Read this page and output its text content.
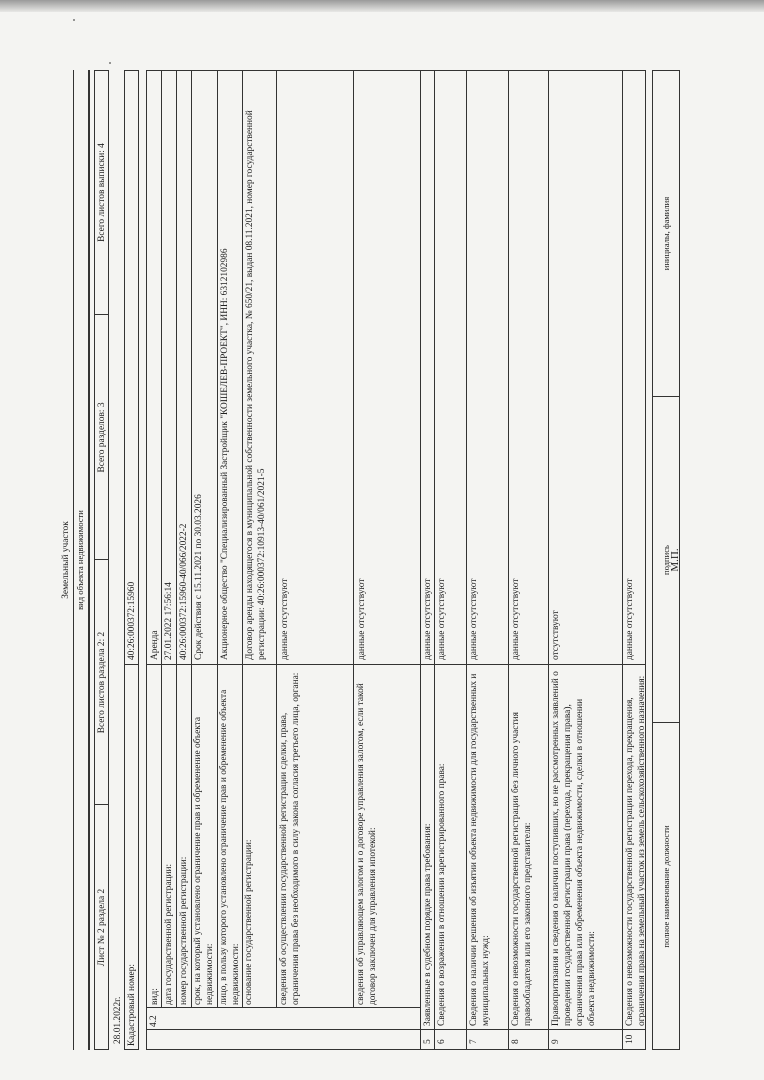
Земельный участок вид объекта недвижимости
Лист № 2 раздела 2
Всего листов раздела 2: 2
Всего разделов: 3
Всего листов выписки: 4
28.01.2022г. Кадастровый номер:
40:26:000372:15960
4.2
вид:
Аренда
дата государственной регистрации:
27.01.2022 17:56:14
номер государственной регистрации:
40:26:000372:15960-40/066/2022-2
срок, на который установлено ограничение прав и обременение объекта недвижимости:
Срок действия с 15.11.2021 по 30.03.2026
лицо, в пользу которого установлено ограничение прав и обременение объекта недвижимости:
Акционерное общество "Специализированный Застройщик "КОШЕЛЕВ-ПРОЕКТ", ИНН: 6312102986
основание государственной регистрации:
Договор аренды находящегося в муниципальной собственности земельного участка, № 650/21, выдан 08.11.2021, номер государственной регистрации: 40:26:000372:10913-40/061/2021-5
сведения об осуществлении государственной регистрации сделки, права, ограничения права без необходимого в силу закона согласия третьего лица, органа:
данные отсутствуют
сведения об управляющем залогом и о договоре управления залогом, если такой договор заключен для управления ипотекой:
данные отсутствуют
5
Заявленные в судебном порядке права требования:
данные отсутствуют
6
Сведения о возражении в отношении зарегистрированного права:
данные отсутствуют
7
Сведения о наличии решения об изъятии объекта недвижимости для государственных и муниципальных нужд:
данные отсутствуют
8
Сведения о невозможности государственной регистрации без личного участия правообладателя или его законного представителя:
данные отсутствуют
9
Правопритязания и сведения о наличии поступивших, но не рассмотренных заявлений о проведении государственной регистрации права (перехода, прекращения права), ограничения права или обременения объекта недвижимости, сделки в отношении объекта недвижимости:
отсутствуют
10
Сведения о невозможности государственной регистрации перехода, прекращения, ограничения права на земельный участок из земель сельскохозяйственного назначения:
данные отсутствуют
полное наименование должности
подпись
инициалы, фамилия
М.П.
